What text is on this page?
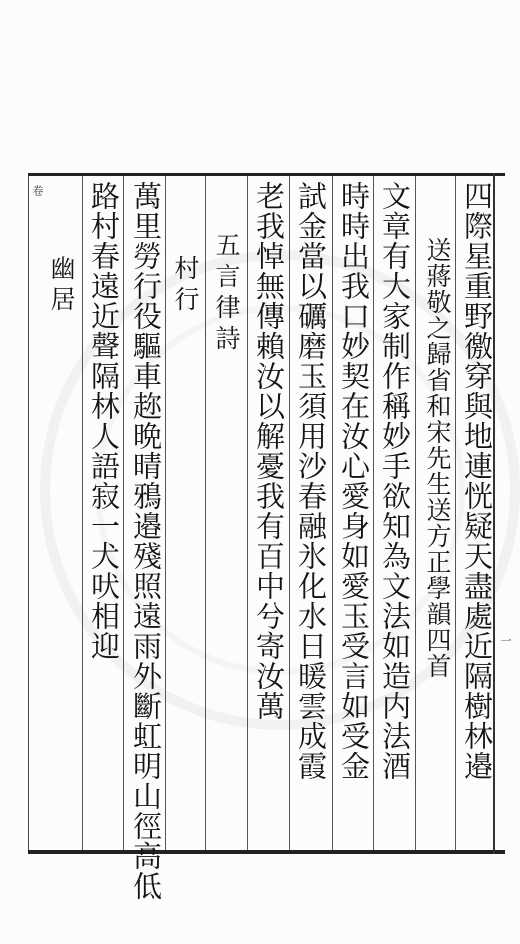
四際星重野徼穿與地連恍疑天盡處近隔樹林邉
送蔣敬之歸省和宋先生送方正學韻四首
文章有大家制作稱妙手欲知為文法如造内法酒
時時出我口妙契在汝心愛身如愛玉受言如受金
試金當以礪磨玉須用沙春融氷化水日暖雲成霞
老我悼無傳賴汝以解憂我有百中兮寄汝萬
五言律詩
村行
萬里勞行役驅車趂晩晴鴉邉殘照遠雨外斷虹明山徑高低
路村春遠近聲隔林人語寂一犬吠相迎
幽居
卷
一
